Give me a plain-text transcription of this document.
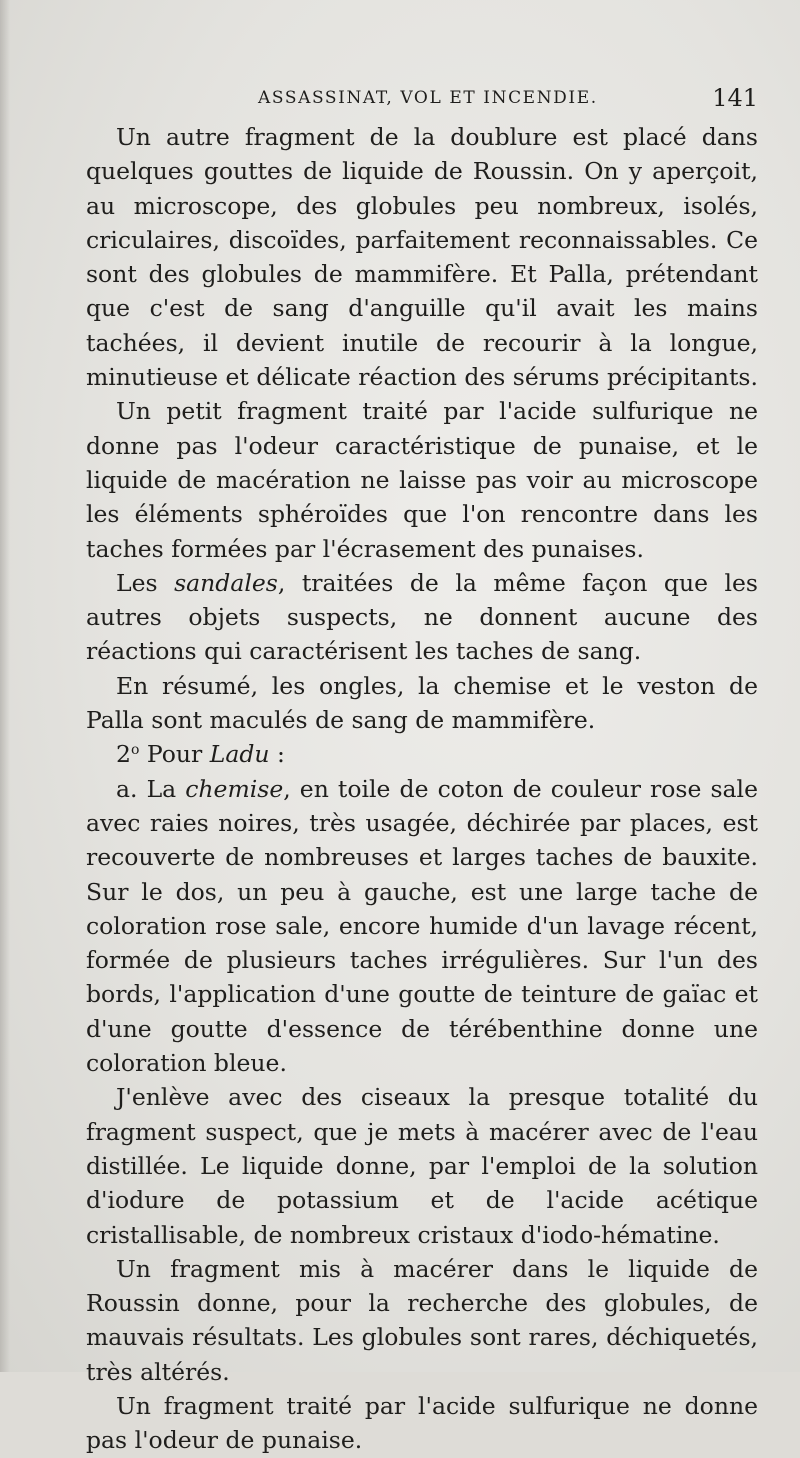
ASSASSINAT, VOL ET INCENDIE.	141

Un autre fragment de la doublure est placé dans quelques gouttes de liquide de Roussin. On y aperçoit, au microscope, des globules peu nombreux, isolés, criculaires, discoïdes, parfaitement reconnaissables. Ce sont des globules de mammifère. Et Palla, prétendant que c'est de sang d'anguille qu'il avait les mains tachées, il devient inutile de recourir à la longue, minutieuse et délicate réaction des sérums précipitants.

Un petit fragment traité par l'acide sulfurique ne donne pas l'odeur caractéristique de punaise, et le liquide de macération ne laisse pas voir au microscope les éléments sphéroïdes que l'on rencontre dans les taches formées par l'écrasement des punaises.

Les sandales, traitées de la même façon que les autres objets suspects, ne donnent aucune des réactions qui caractérisent les taches de sang.

En résumé, les ongles, la chemise et le veston de Palla sont maculés de sang de mammifère.

2$^o$ Pour Ladu :

a. La chemise, en toile de coton de couleur rose sale avec raies noires, très usagée, déchirée par places, est recouverte de nombreuses et larges taches de bauxite. Sur le dos, un peu à gauche, est une large tache de coloration rose sale, encore humide d'un lavage récent, formée de plusieurs taches irrégulières. Sur l'un des bords, l'application d'une goutte de teinture de gaïac et d'une goutte d'essence de térébenthine donne une coloration bleue.

J'enlève avec des ciseaux la presque totalité du fragment suspect, que je mets à macérer avec de l'eau distillée. Le liquide donne, par l'emploi de la solution d'iodure de potassium et de l'acide acétique cristallisable, de nombreux cristaux d'iodo-hématine.

Un fragment mis à macérer dans le liquide de Roussin donne, pour la recherche des globules, de mauvais résultats. Les globules sont rares, déchiquetés, très altérés.

Un fragment traité par l'acide sulfurique ne donne pas l'odeur de punaise.
